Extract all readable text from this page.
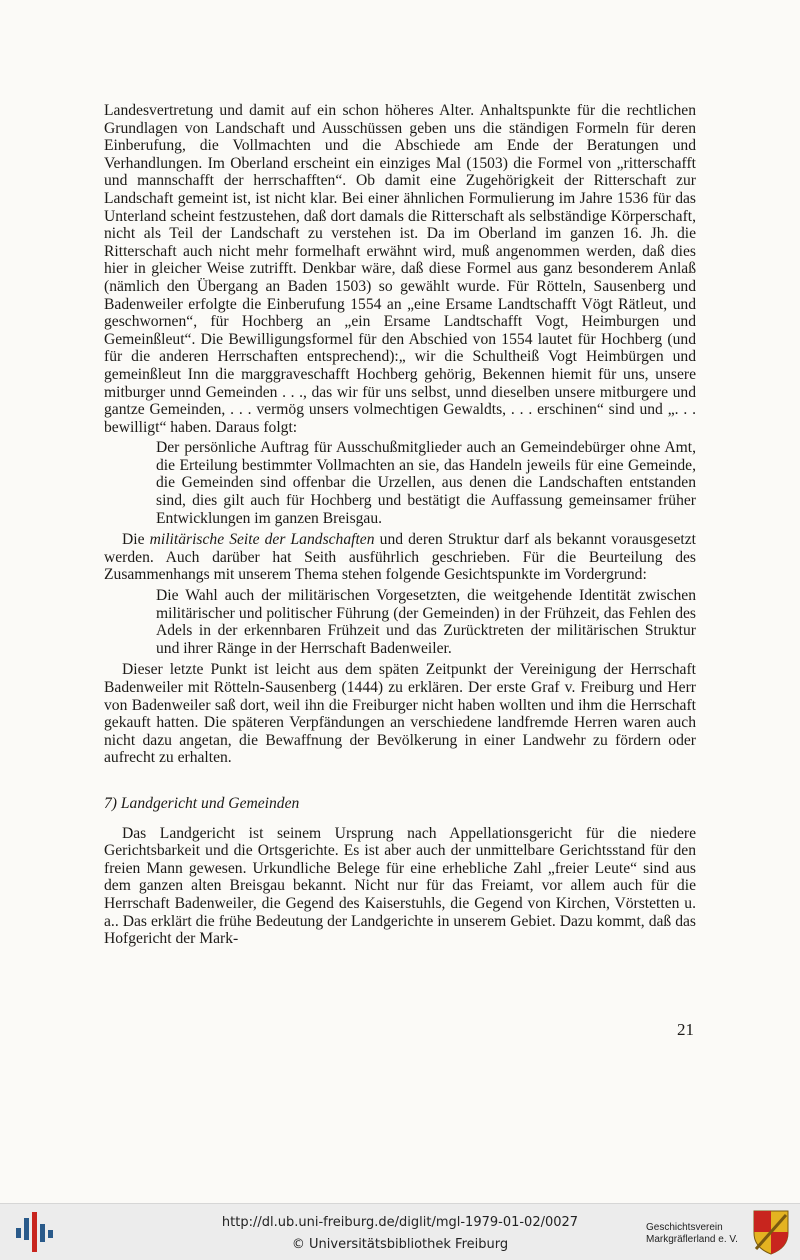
Landesvertretung und damit auf ein schon höheres Alter. Anhaltspunkte für die rechtlichen Grundlagen von Landschaft und Ausschüssen geben uns die ständigen Formeln für deren Einberufung, die Vollmachten und die Abschiede am Ende der Beratungen und Verhandlungen. Im Oberland erscheint ein einziges Mal (1503) die Formel von „ritterschafft und mannschafft der herrschafften“. Ob damit eine Zugehörigkeit der Ritterschaft zur Landschaft gemeint ist, ist nicht klar. Bei einer ähnlichen Formulierung im Jahre 1536 für das Unterland scheint festzustehen, daß dort damals die Ritterschaft als selbständige Körperschaft, nicht als Teil der Landschaft zu verstehen ist. Da im Oberland im ganzen 16. Jh. die Ritterschaft auch nicht mehr formelhaft erwähnt wird, muß angenommen werden, daß dies hier in gleicher Weise zutrifft. Denkbar wäre, daß diese Formel aus ganz besonderem Anlaß (nämlich den Übergang an Baden 1503) so gewählt wurde. Für Rötteln, Sausenberg und Badenweiler erfolgte die Einberufung 1554 an „eine Ersame Landtschafft Vögt Rätleut, und geschwornen“, für Hochberg an „ein Ersame Landtschafft Vogt, Heimburgen und Gemeinßleut“. Die Bewilligungsformel für den Abschied von 1554 lautet für Hochberg (und für die anderen Herrschaften entsprechend):„ wir die Schultheiß Vogt Heimbürgen und gemeinßleut Inn die marggraveschafft Hochberg gehörig, Bekennen hiemit für uns, unsere mitburger unnd Gemeinden . . ., das wir für uns selbst, unnd dieselben unsere mitburgere und gantze Gemeinden, . . . vermög unsers volmechtigen Gewaldts, . . . erschinen“ sind und „. . . bewilligt“ haben. Daraus folgt:

Der persönliche Auftrag für Ausschußmitglieder auch an Gemeindebürger ohne Amt, die Erteilung bestimmter Vollmachten an sie, das Handeln jeweils für eine Gemeinde, die Gemeinden sind offenbar die Urzellen, aus denen die Landschaften entstanden sind, dies gilt auch für Hochberg und bestätigt die Auffassung gemeinsamer früher Entwicklungen im ganzen Breisgau.

Die militärische Seite der Landschaften und deren Struktur darf als bekannt vorausgesetzt werden. Auch darüber hat Seith ausführlich geschrieben. Für die Beurteilung des Zusammenhangs mit unserem Thema stehen folgende Gesichtspunkte im Vordergrund:

Die Wahl auch der militärischen Vorgesetzten, die weitgehende Identität zwischen militärischer und politischer Führung (der Gemeinden) in der Frühzeit, das Fehlen des Adels in der erkennbaren Frühzeit und das Zurücktreten der militärischen Struktur und ihrer Ränge in der Herrschaft Badenweiler.

Dieser letzte Punkt ist leicht aus dem späten Zeitpunkt der Vereinigung der Herrschaft Badenweiler mit Rötteln-Sausenberg (1444) zu erklären. Der erste Graf v. Freiburg und Herr von Badenweiler saß dort, weil ihn die Freiburger nicht haben wollten und ihm die Herrschaft gekauft hatten. Die späteren Verpfändungen an verschiedene landfremde Herren waren auch nicht dazu angetan, die Bewaffnung der Bevölkerung in einer Landwehr zu fördern oder aufrecht zu erhalten.

7) Landgericht und Gemeinden

Das Landgericht ist seinem Ursprung nach Appellationsgericht für die niedere Gerichtsbarkeit und die Ortsgerichte. Es ist aber auch der unmittelbare Gerichtsstand für den freien Mann gewesen. Urkundliche Belege für eine erhebliche Zahl „freier Leute“ sind aus dem ganzen alten Breisgau bekannt. Nicht nur für das Freiamt, vor allem auch für die Herrschaft Badenweiler, die Gegend des Kaiserstuhls, die Gegend von Kirchen, Vörstetten u. a.. Das erklärt die frühe Bedeutung der Landgerichte in unserem Gebiet. Dazu kommt, daß das Hofgericht der Mark-

21
http://dl.ub.uni-freiburg.de/diglit/mgl-1979-01-02/0027
© Universitätsbibliothek Freiburg
Geschichtsverein
Markgräflerland e. V.
